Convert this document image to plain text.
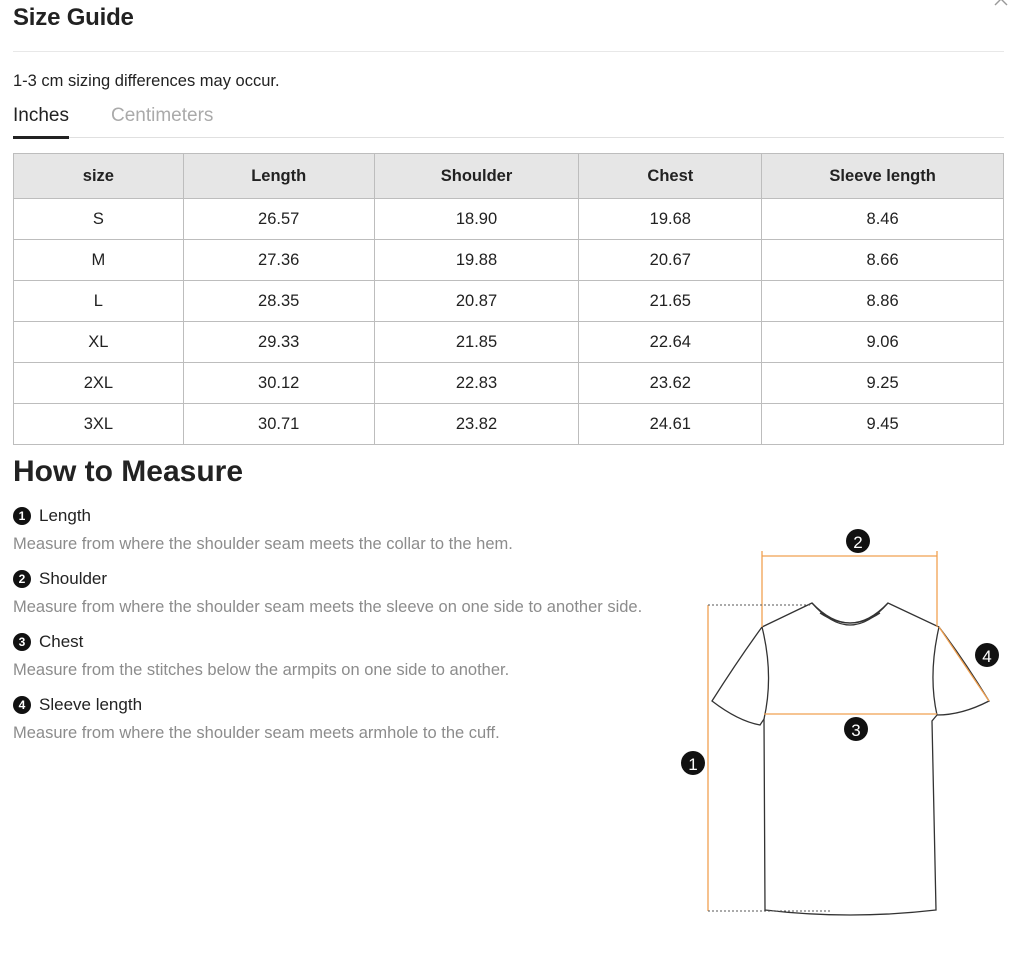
Size Guide
1-3 cm sizing differences may occur.
Inches Centimeters
size	Length	Shoulder	Chest	Sleeve length
S	26.57	18.90	19.68	8.46
M	27.36	19.88	20.67	8.66
L	28.35	20.87	21.65	8.86
XL	29.33	21.85	22.64	9.06
2XL	30.12	22.83	23.62	9.25
3XL	30.71	23.82	24.61	9.45
How to Measure
1 Length
Measure from where the shoulder seam meets the collar to the hem.
2 Shoulder
Measure from where the shoulder seam meets the sleeve on one side to another side.
3 Chest
Measure from the stitches below the armpits on one side to another.
4 Sleeve length
Measure from where the shoulder seam meets armhole to the cuff.
1
2
3
4
